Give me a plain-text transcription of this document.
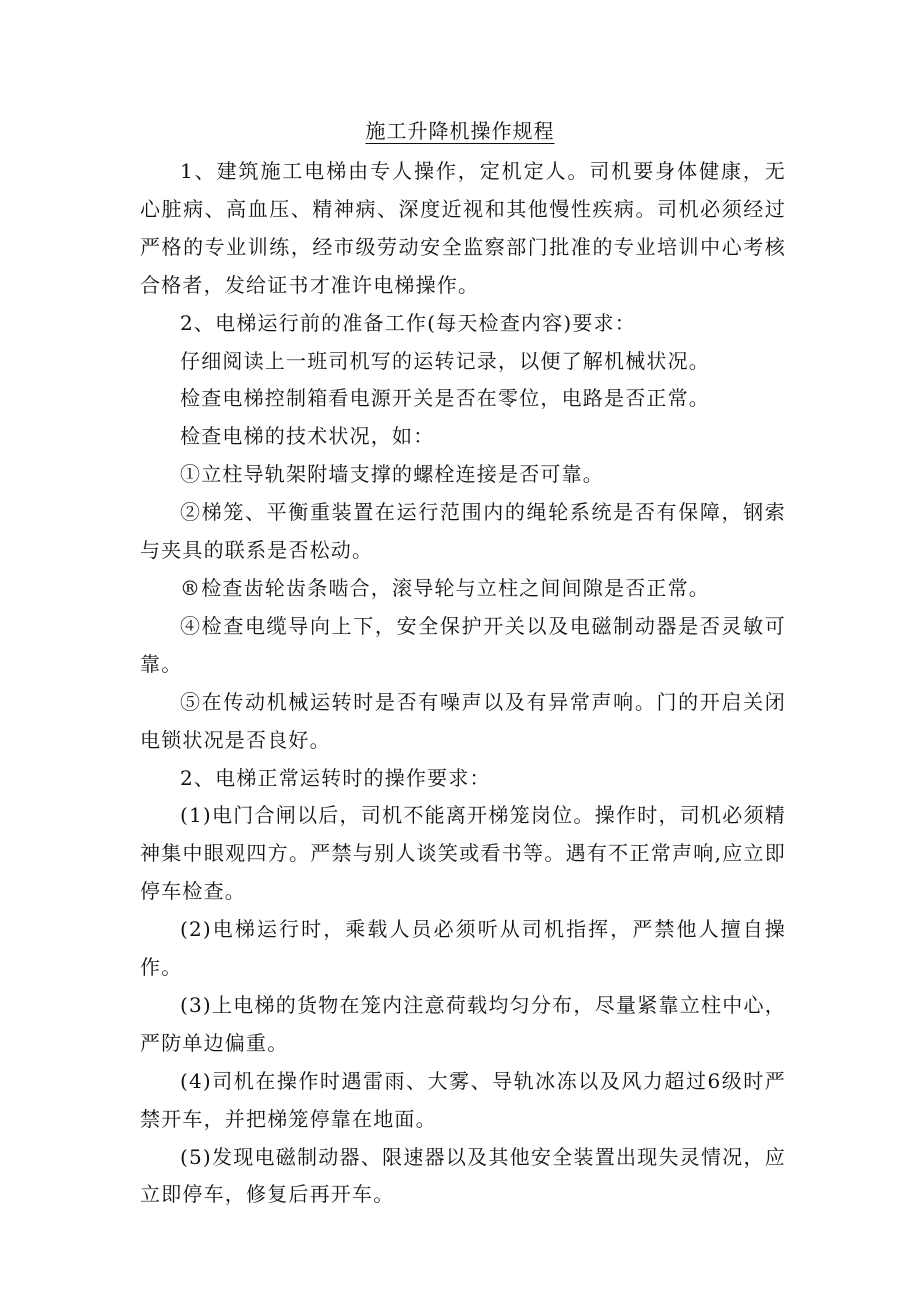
施工升降机操作规程

1、建筑施工电梯由专人操作，定机定人。司机要身体健康，无心脏病、高血压、精神病、深度近视和其他慢性疾病。司机必须经过严格的专业训练，经市级劳动安全监察部门批准的专业培训中心考核合格者，发给证书才准许电梯操作。

2、电梯运行前的准备工作(每天检查内容)要求：

仔细阅读上一班司机写的运转记录，以便了解机械状况。

检查电梯控制箱看电源开关是否在零位，电路是否正常。

检查电梯的技术状况，如：

①立柱导轨架附墙支撑的螺栓连接是否可靠。

②梯笼、平衡重装置在运行范围内的绳轮系统是否有保障，钢索与夹具的联系是否松动。

®检查齿轮齿条啮合，滚导轮与立柱之间间隙是否正常。

④检查电缆导向上下，安全保护开关以及电磁制动器是否灵敏可靠。

⑤在传动机械运转时是否有噪声以及有异常声响。门的开启关闭电锁状况是否良好。

2、电梯正常运转时的操作要求：

(1)电门合闸以后，司机不能离开梯笼岗位。操作时，司机必须精神集中眼观四方。严禁与别人谈笑或看书等。遇有不正常声响,应立即停车检查。

(2)电梯运行时，乘载人员必须听从司机指挥，严禁他人擅自操作。

(3)上电梯的货物在笼内注意荷载均匀分布，尽量紧靠立柱中心，严防单边偏重。

(4)司机在操作时遇雷雨、大雾、导轨冰冻以及风力超过6级时严禁开车，并把梯笼停靠在地面。

(5)发现电磁制动器、限速器以及其他安全装置出现失灵情况，应立即停车，修复后再开车。
